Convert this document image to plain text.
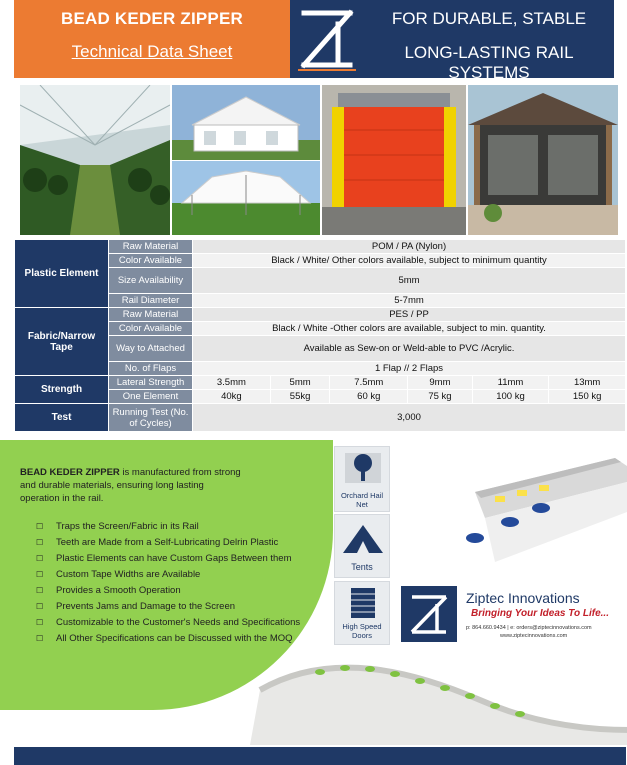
BEAD KEDER ZIPPER
Technical Data Sheet
FOR DURABLE, STABLE
LONG-LASTING RAIL SYSTEMS
Plastic Element	Raw Material	POM / PA (Nylon)					
	Color Available	Black / White/ Other colors available, subject to minimum quantity					
	Size Availability	5mm					
	Rail Diameter	5-7mm					
Fabric/Narrow Tape	Raw Material	PES / PP					
	Color Available	Black / White -Other colors are available, subject to min. quantity.					
	Way to Attached	Available as Sew-on or Weld-able to PVC /Acrylic.					
	No. of Flaps	1 Flap // 2 Flaps					
Strength	Lateral Strength	3.5mm	5mm	7.5mm	9mm	11mm	13mm
	One Element	40kg	55kg	60 kg	75 kg	100 kg	150 kg
Test	Running Test (No. of Cycles)	3,000					
BEAD KEDER ZIPPER is manufactured from strong and durable materials, ensuring long lasting operation in the rail.
☐ Traps the Screen/Fabric in its Rail
☐ Teeth are Made from a Self-Lubricating Delrin Plastic
☐ Plastic Elements can have Custom Gaps Between them
☐ Custom Tape Widths are Available
☐ Provides a Smooth Operation
☐ Prevents Jams and Damage to the Screen
☐ Customizable to the Customer's Needs and Specifications
☐ All Other Specifications can be Discussed with the MOQ
Orchard Hail Net
Tents
High Speed Doors
Ziptec Innovations
Bringing Your Ideas To Life...
p: 864.660.9434 | e: orders@ziptecinnovations.com
www.ziptecinnovations.com
